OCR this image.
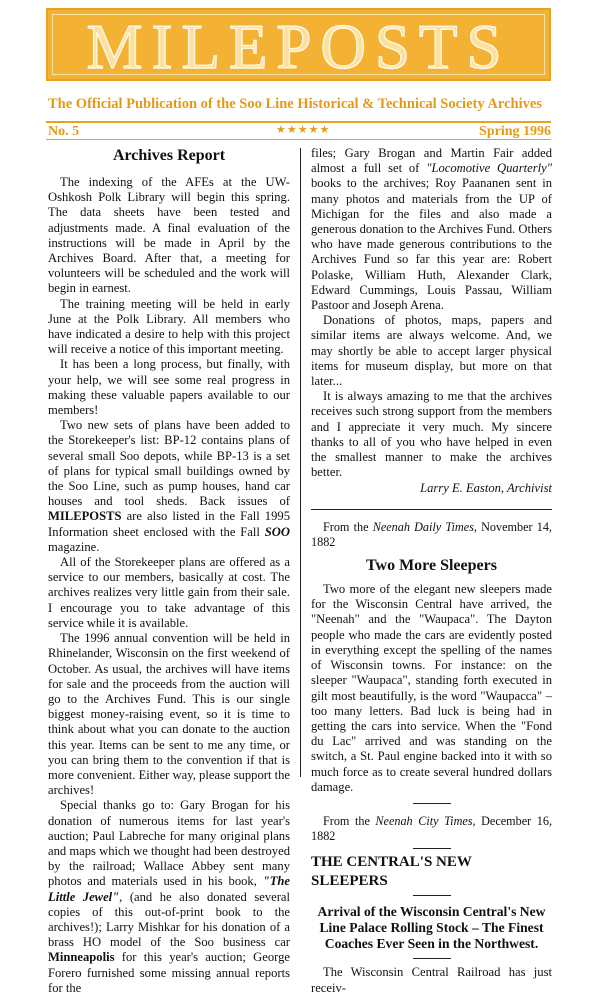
MILEPOSTS
The Official Publication of the Soo Line Historical & Technical Society Archives
No. 5	★★★★★	Spring 1996
Archives Report

The indexing of the AFEs at the UW-Oshkosh Polk Library will begin this spring. The data sheets have been tested and adjustments made. A final evaluation of the instructions will be made in April by the Archives Board. After that, a meeting for volunteers will be scheduled and the work will begin in earnest.

The training meeting will be held in early June at the Polk Library. All members who have indicated a desire to help with this project will receive a notice of this important meeting.

It has been a long process, but finally, with your help, we will see some real progress in making these valuable papers available to our members!

Two new sets of plans have been added to the Storekeeper's list: BP-12 contains plans of several small Soo depots, while BP-13 is a set of plans for typical small buildings owned by the Soo Line, such as pump houses, hand car houses and tool sheds. Back issues of MILEPOSTS are also listed in the Fall 1995 Information sheet enclosed with the Fall SOO magazine.

All of the Storekeeper plans are offered as a service to our members, basically at cost. The archives realizes very little gain from their sale. I encourage you to take advantage of this service while it is available.

The 1996 annual convention will be held in Rhinelander, Wisconsin on the first weekend of October. As usual, the archives will have items for sale and the proceeds from the auction will go to the Archives Fund. This is our single biggest money-raising event, so it is time to think about what you can donate to the auction this year. Items can be sent to me any time, or you can bring them to the convention if that is more convenient. Either way, please support the archives!

Special thanks go to: Gary Brogan for his donation of numerous items for last year's auction; Paul Labreche for many original plans and maps which we thought had been destroyed by the railroad; Wallace Abbey sent many photos and materials used in his book, "The Little Jewel", (and he also donated several copies of this out-of-print book to the archives!); Larry Mishkar for his donation of a brass HO model of the Soo business car Minneapolis for this year's auction; George Forero furnished some missing annual reports for the

files; Gary Brogan and Martin Fair added almost a full set of "Locomotive Quarterly" books to the archives; Roy Paananen sent in many photos and materials from the UP of Michigan for the files and also made a generous donation to the Archives Fund. Others who have made generous contributions to the Archives Fund so far this year are: Robert Polaske, William Huth, Alexander Clark, Edward Cummings, Louis Passau, William Pastoor and Joseph Arena.

Donations of photos, maps, papers and similar items are always welcome. And, we may shortly be able to accept larger physical items for museum display, but more on that later...

It is always amazing to me that the archives receives such strong support from the members and I appreciate it very much. My sincere thanks to all of you who have helped in even the smallest manner to make the archives better.

Larry E. Easton, Archivist

From the Neenah Daily Times, November 14, 1882

Two More Sleepers

Two more of the elegant new sleepers made for the Wisconsin Central have arrived, the "Neenah" and the "Waupaca". The Dayton people who made the cars are evidently posted in everything except the spelling of the names of Wisconsin towns. For instance: on the sleeper "Waupaca", standing forth executed in gilt most beautifully, is the word "Waupacca" – too many letters. Bad luck is being had in getting the cars into service. When the "Fond du Lac" arrived and was standing on the switch, a St. Paul engine backed into it with so much force as to create several hundred dollars damage.

From the Neenah City Times, December 16, 1882

THE CENTRAL'S NEW SLEEPERS
Arrival of the Wisconsin Central's New Line Palace Rolling Stock – The Finest Coaches Ever Seen in the Northwest.

The Wisconsin Central Railroad has just receiv-
